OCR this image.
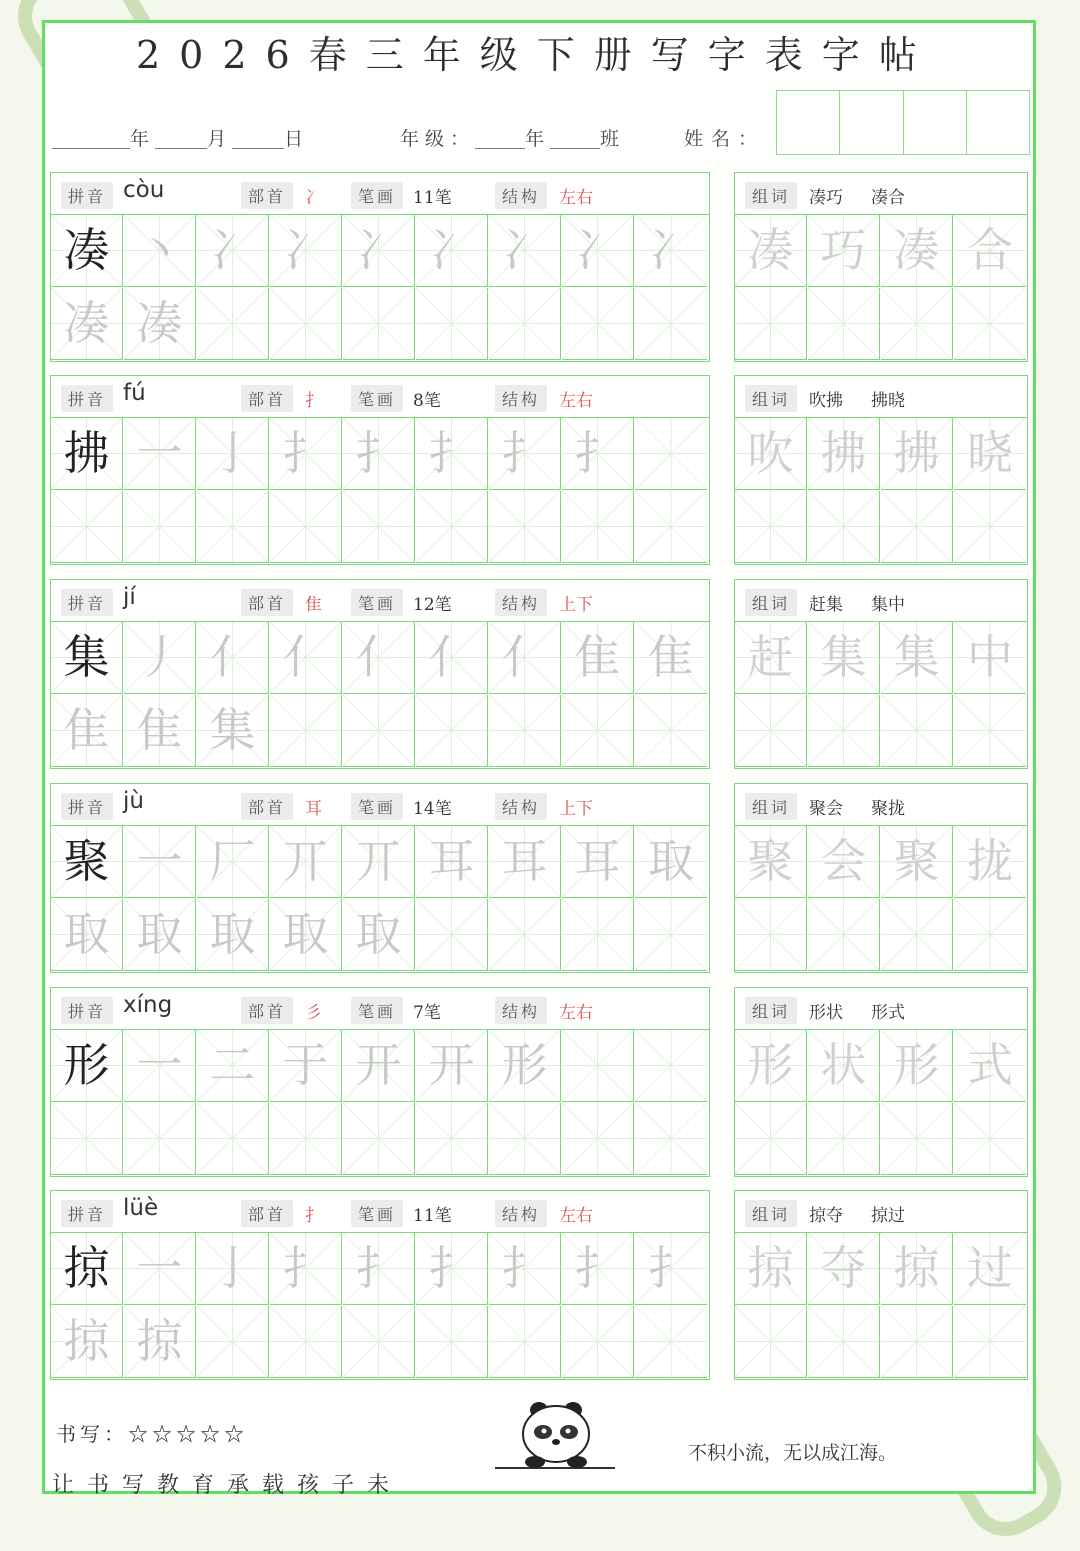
2026春三年级下册写字表字帖
年	月	日	年级：	年	班	姓名：
拼音 còu	部首	冫	笔画 11笔	结构	左右
凑 丶 冫 冫 冫 冫 冫 冫 冫
凑 凑
组词	凑巧 凑合
凑 巧 凑 合
拼音 fú	部首	扌	笔画 8笔	结构	左右
拂 一 亅 扌 扌 扌 扌 扌
组词	吹拂 拂晓
吹 拂 拂 晓
拼音 jí	部首	隹	笔画 12笔	结构	上下
集 丿 亻 亻 亻 亻 亻 隹 隹
隹 隹 集
组词	赶集 集中
赶 集 集 中
拼音 jù	部首	耳	笔画 14笔	结构	上下
聚 一 厂 丌 丌 耳 耳 耳 取
取 取 取 取 取
组词	聚会 聚拢
聚 会 聚 拢
拼音 xíng	部首	彡	笔画 7笔	结构	左右
形 一 二 于 开 开 形
组词	形状 形式
形 状 形 式
拼音 lüè	部首	扌	笔画 11笔	结构	左右
掠 一 亅 扌 扌 扌 扌 扌 扌
掠 掠
组词	掠夺 掠过
掠 夺 掠 过
书写：☆☆☆☆☆
让书写教育承载孩子未
不积小流，无以成江海。
